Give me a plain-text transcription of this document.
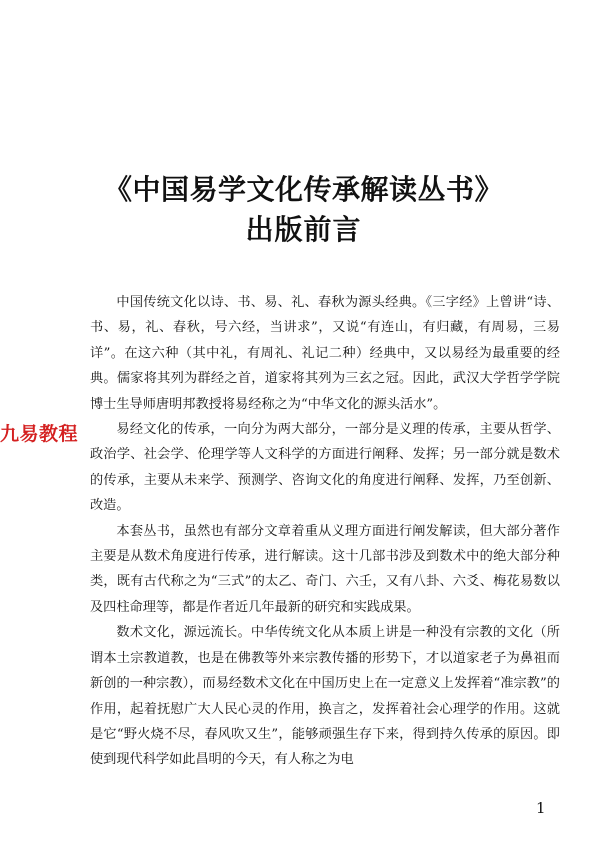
《中国易学文化传承解读丛书》
出版前言

中国传统文化以诗、书、易、礼、春秋为源头经典。《三字经》上曾讲“诗、书、易，礼、春秋，号六经，当讲求”，又说“有连山，有归藏，有周易，三易详”。在这六种（其中礼，有周礼、礼记二种）经典中，又以易经为最重要的经典。儒家将其列为群经之首，道家将其列为三玄之冠。因此，武汉大学哲学学院博士生导师唐明邦教授将易经称之为“中华文化的源头活水”。

易经文化的传承，一向分为两大部分，一部分是义理的传承，主要从哲学、政治学、社会学、伦理学等人文科学的方面进行阐释、发挥；另一部分就是数术的传承，主要从未来学、预测学、咨询文化的角度进行阐释、发挥，乃至创新、改造。

本套丛书，虽然也有部分文章着重从义理方面进行阐发解读，但大部分著作主要是从数术角度进行传承，进行解读。这十几部书涉及到数术中的绝大部分种类，既有古代称之为“三式”的太乙、奇门、六壬，又有八卦、六爻、梅花易数以及四柱命理等，都是作者近几年最新的研究和实践成果。

数术文化，源远流长。中华传统文化从本质上讲是一种没有宗教的文化（所谓本土宗教道教，也是在佛教等外来宗教传播的形势下，才以道家老子为鼻祖而新创的一种宗教），而易经数术文化在中国历史上在一定意义上发挥着“准宗教”的作用，起着抚慰广大人民心灵的作用，换言之，发挥着社会心理学的作用。这就是它“野火烧不尽，春风吹又生”，能够顽强生存下来，得到持久传承的原因。即使到现代科学如此昌明的今天，有人称之为电

九易教程
1
